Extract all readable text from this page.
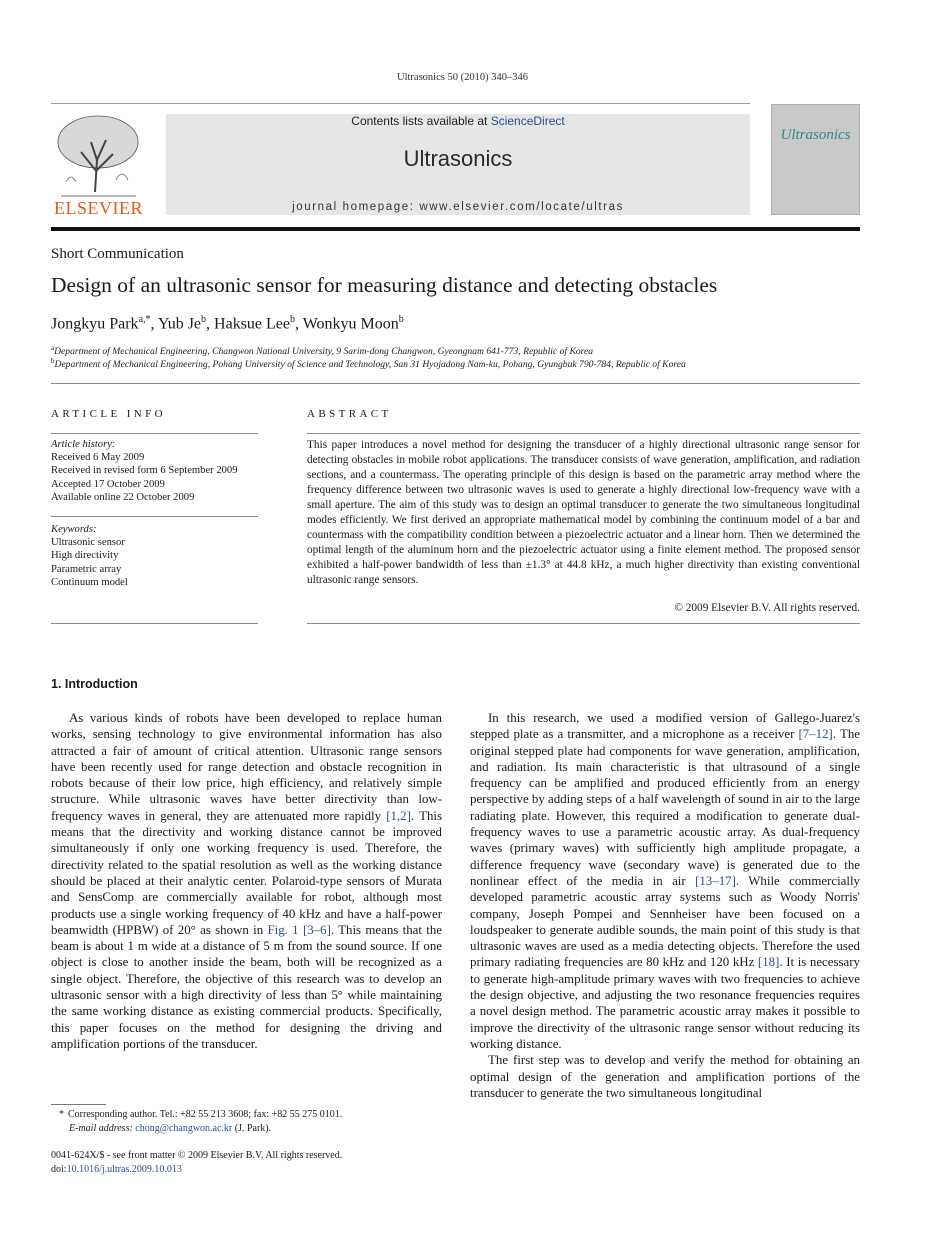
Ultrasonics 50 (2010) 340–346
ELSEVIER
Contents lists available at ScienceDirect
Ultrasonics
journal homepage: www.elsevier.com/locate/ultras
Ultrasonics
Short Communication
Design of an ultrasonic sensor for measuring distance and detecting obstacles
Jongkyu Park$^{a,*}$, Yub Je$^b$, Haksue Lee$^b$, Wonkyu Moon$^b$
$^a$Department of Mechanical Engineering, Changwon National University, 9 Sarim-dong Changwon, Gyeongnam 641-773, Republic of Korea
$^b$Department of Mechanical Engineering, Pohang University of Science and Technology, San 31 Hyojadong Nam-ku, Pohang, Gyungbuk 790-784, Republic of Korea
ARTICLE INFO
Article history:
Received 6 May 2009
Received in revised form 6 September 2009
Accepted 17 October 2009
Available online 22 October 2009
Keywords:
Ultrasonic sensor
High directivity
Parametric array
Continuum model
ABSTRACT
This paper introduces a novel method for designing the transducer of a highly directional ultrasonic range sensor for detecting obstacles in mobile robot applications. The transducer consists of wave generation, amplification, and radiation sections, and a countermass. The operating principle of this design is based on the parametric array method where the frequency difference between two ultrasonic waves is used to generate a highly directional low-frequency wave with a small aperture. The aim of this study was to design an optimal transducer to generate the two simultaneous longitudinal modes efficiently. We first derived an appropriate mathematical model by combining the continuum model of a bar and countermass with the compatibility condition between a piezoelectric actuator and a linear horn. Then we determined the optimal length of the aluminum horn and the piezoelectric actuator using a finite element method. The proposed sensor exhibited a half-power bandwidth of less than ±1.3° at 44.8 kHz, a much higher directivity than existing conventional ultrasonic range sensors.
© 2009 Elsevier B.V. All rights reserved.
1. Introduction

As various kinds of robots have been developed to replace human works, sensing technology to give environmental information has also attracted a fair of amount of critical attention. Ultrasonic range sensors have been recently used for range detection and obstacle recognition in robots because of their low price, high efficiency, and relatively simple structure. While ultrasonic waves have better directivity than low-frequency waves in general, they are attenuated more rapidly [1,2]. This means that the directivity and working distance cannot be improved simultaneously if only one working frequency is used. Therefore, the directivity related to the spatial resolution as well as the working distance should be placed at their analytic center. Polaroid-type sensors of Murata and SensComp are commercially available for robot, although most products use a single working frequency of 40 kHz and have a half-power beamwidth (HPBW) of 20° as shown in Fig. 1 [3–6]. This means that the beam is about 1 m wide at a distance of 5 m from the sound source. If one object is close to another inside the beam, both will be recognized as a single object. Therefore, the objective of this research was to develop an ultrasonic sensor with a high directivity of less than 5° while maintaining the same working distance as existing commercial products. Specifically, this paper focuses on the method for designing the driving and amplification portions of the transducer.

In this research, we used a modified version of Gallego-Juarez's stepped plate as a transmitter, and a microphone as a receiver [7–12]. The original stepped plate had components for wave generation, amplification, and radiation. Its main characteristic is that ultrasound of a single frequency can be amplified and produced efficiently from an energy perspective by adding steps of a half wavelength of sound in air to the large radiating plate. However, this required a modification to generate dual-frequency waves to use a parametric acoustic array. As dual-frequency waves (primary waves) with sufficiently high amplitude propagate, a difference frequency wave (secondary wave) is generated due to the nonlinear effect of the media in air [13–17]. While commercially developed parametric acoustic array systems such as Woody Norris' company, Joseph Pompei and Sennheiser have been focused on a loudspeaker to generate audible sounds, the main point of this study is that ultrasonic waves are used as a media detecting objects. Therefore the used primary radiating frequencies are 80 kHz and 120 kHz [18]. It is necessary to generate high-amplitude primary waves with two frequencies to achieve the design objective, and adjusting the two resonance frequencies requires a novel design method. The parametric acoustic array makes it possible to improve the directivity of the ultrasonic range sensor without reducing its working distance.

The first step was to develop and verify the method for obtaining an optimal design of the generation and amplification portions of the transducer to generate the two simultaneous longitudinal

* Corresponding author. Tel.: +82 55 213 3608; fax: +82 55 275 0101.
E-mail address: chong@changwon.ac.kr (J. Park).
0041-624X/$ - see front matter © 2009 Elsevier B.V. All rights reserved.
doi:10.1016/j.ultras.2009.10.013
